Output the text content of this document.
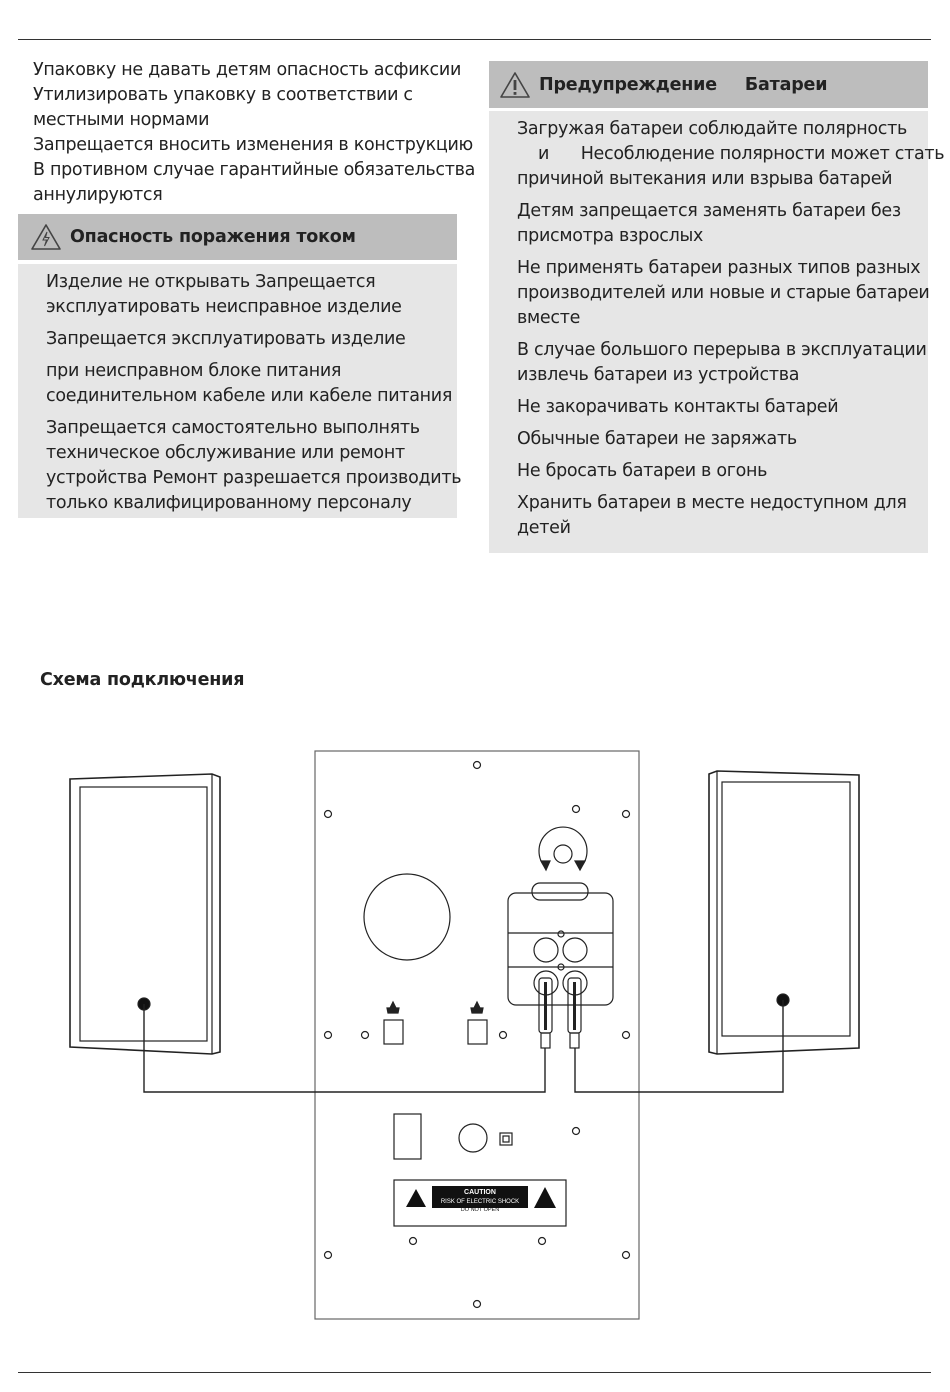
Упаковку не давать детям опасность асфиксии
Утилизировать упаковку в соответствии с
местными нормами
Запрещается вносить изменения в конструкцию
В противном случае гарантийные обязательства
аннулируются
Опасность поражения током
Изделие не открывать Запрещается
эксплуатировать неисправное изделие
Запрещается эксплуатировать изделие
при неисправном блоке питания
соединительном кабеле или кабеле питания
Запрещается самостоятельно выполнять
техническое обслуживание или ремонт
устройства Ремонт разрешается производить
только квалифицированному персоналу
Предупреждение Батареи
Загружая батареи соблюдайте полярность
и      Несоблюдение полярности может стать
причиной вытекания или взрыва батарей
Детям запрещается заменять батареи без
присмотра взрослых
Не применять батареи разных типов разных
производителей или новые и старые батареи
вместе
В случае большого перерыва в эксплуатации
извлечь батареи из устройства
Не закорачивать контакты батарей
Обычные батареи не заряжать
Не бросать батареи в огонь
Хранить батареи в месте недоступном для
детей
Схема подключения
CAUTION
RISK OF ELECTRIC SHOCK
DO NOT OPEN
